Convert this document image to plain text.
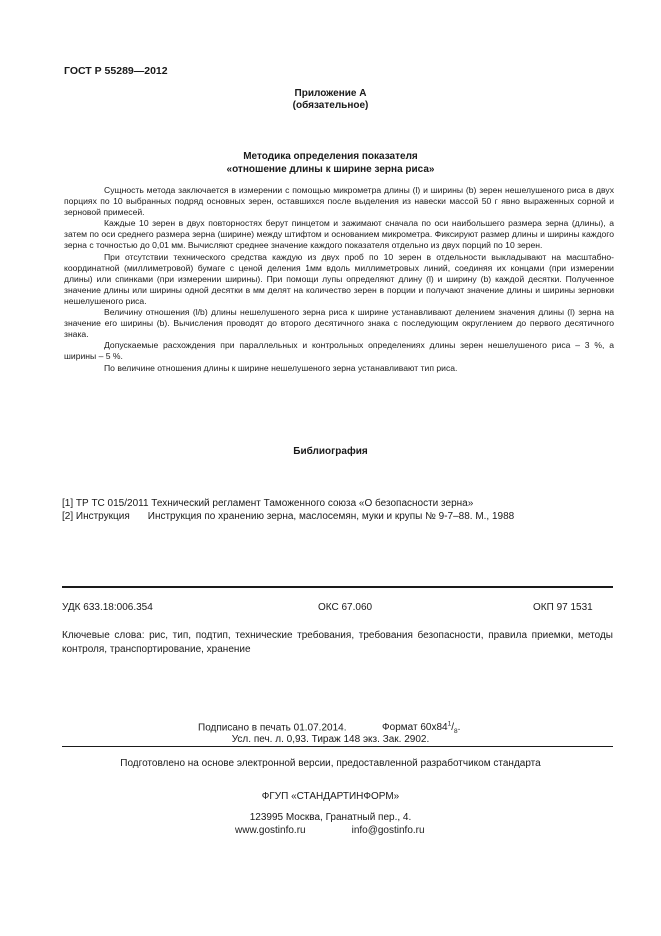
ГОСТ Р 55289—2012
Приложение А
(обязательное)
Методика определения показателя
«отношение длины к ширине зерна риса»

Сущность метода заключается в измерении с помощью микрометра длины (l) и ширины (b) зерен нешелушеного риса в двух порциях по 10 выбранных подряд основных зерен, оставшихся после выделения из навески массой 50 г явно выраженных сорной и зерновой примесей.

Каждые 10 зерен в двух повторностях берут пинцетом и зажимают сначала по оси наибольшего размера зерна (длины), а затем по оси среднего размера зерна (ширине) между штифтом и основанием микрометра. Фиксируют размер длины и ширины каждого зерна с точностью до 0,01 мм. Вычисляют среднее значение каждого показателя отдельно из двух порций по 10 зерен.

При отсутствии технического средства каждую из двух проб по 10 зерен в отдельности выкладывают на масштабно-координатной (миллиметровой) бумаге с ценой деления 1мм вдоль миллиметровых линий, соединяя их концами (при измерении длины) или спинками (при измерении ширины). При помощи лупы определяют длину (l) и ширину (b) каждой десятки. Полученное значение длины или ширины одной десятки в мм делят на количество зерен в порции и получают значение длины и ширины зерновки нешелушеного риса.

Величину отношения (l/b) длины нешелушеного зерна риса к ширине устанавливают делением значения длины (l) зерна на значение его ширины (b). Вычисления проводят до второго десятичного знака с последующим округлением до первого десятичного знака.

Допускаемые расхождения при параллельных и контрольных определениях длины зерен нешелушеного риса – 3 %, а ширины – 5 %.

По величине отношения длины к ширине нешелушеного зерна устанавливают тип риса.

Библиография
[1] ТР ТС 015/2011 Технический регламент Таможенного союза «О безопасности зерна»
[2] Инструкция Инструкция по хранению зерна, маслосемян, муки и крупы № 9-7–88. М., 1988
УДК 633.18:006.354	ОКС 67.060	ОКП 97 1531

Ключевые слова: рис, тип, подтип, технические требования, требования безопасности, правила приемки, методы контроля, транспортирование, хранение

Подписано в печать 01.07.2014.	Формат $60х84^1/_8$.
Усл. печ. л. 0,93. Тираж 148 экз. Зак. 2902.
Подготовлено на основе электронной версии, предоставленной разработчиком стандарта
ФГУП «СТАНДАРТИНФОРМ»
123995 Москва, Гранатный пер., 4.
www.gostinfo.ru	info@gostinfo.ru
